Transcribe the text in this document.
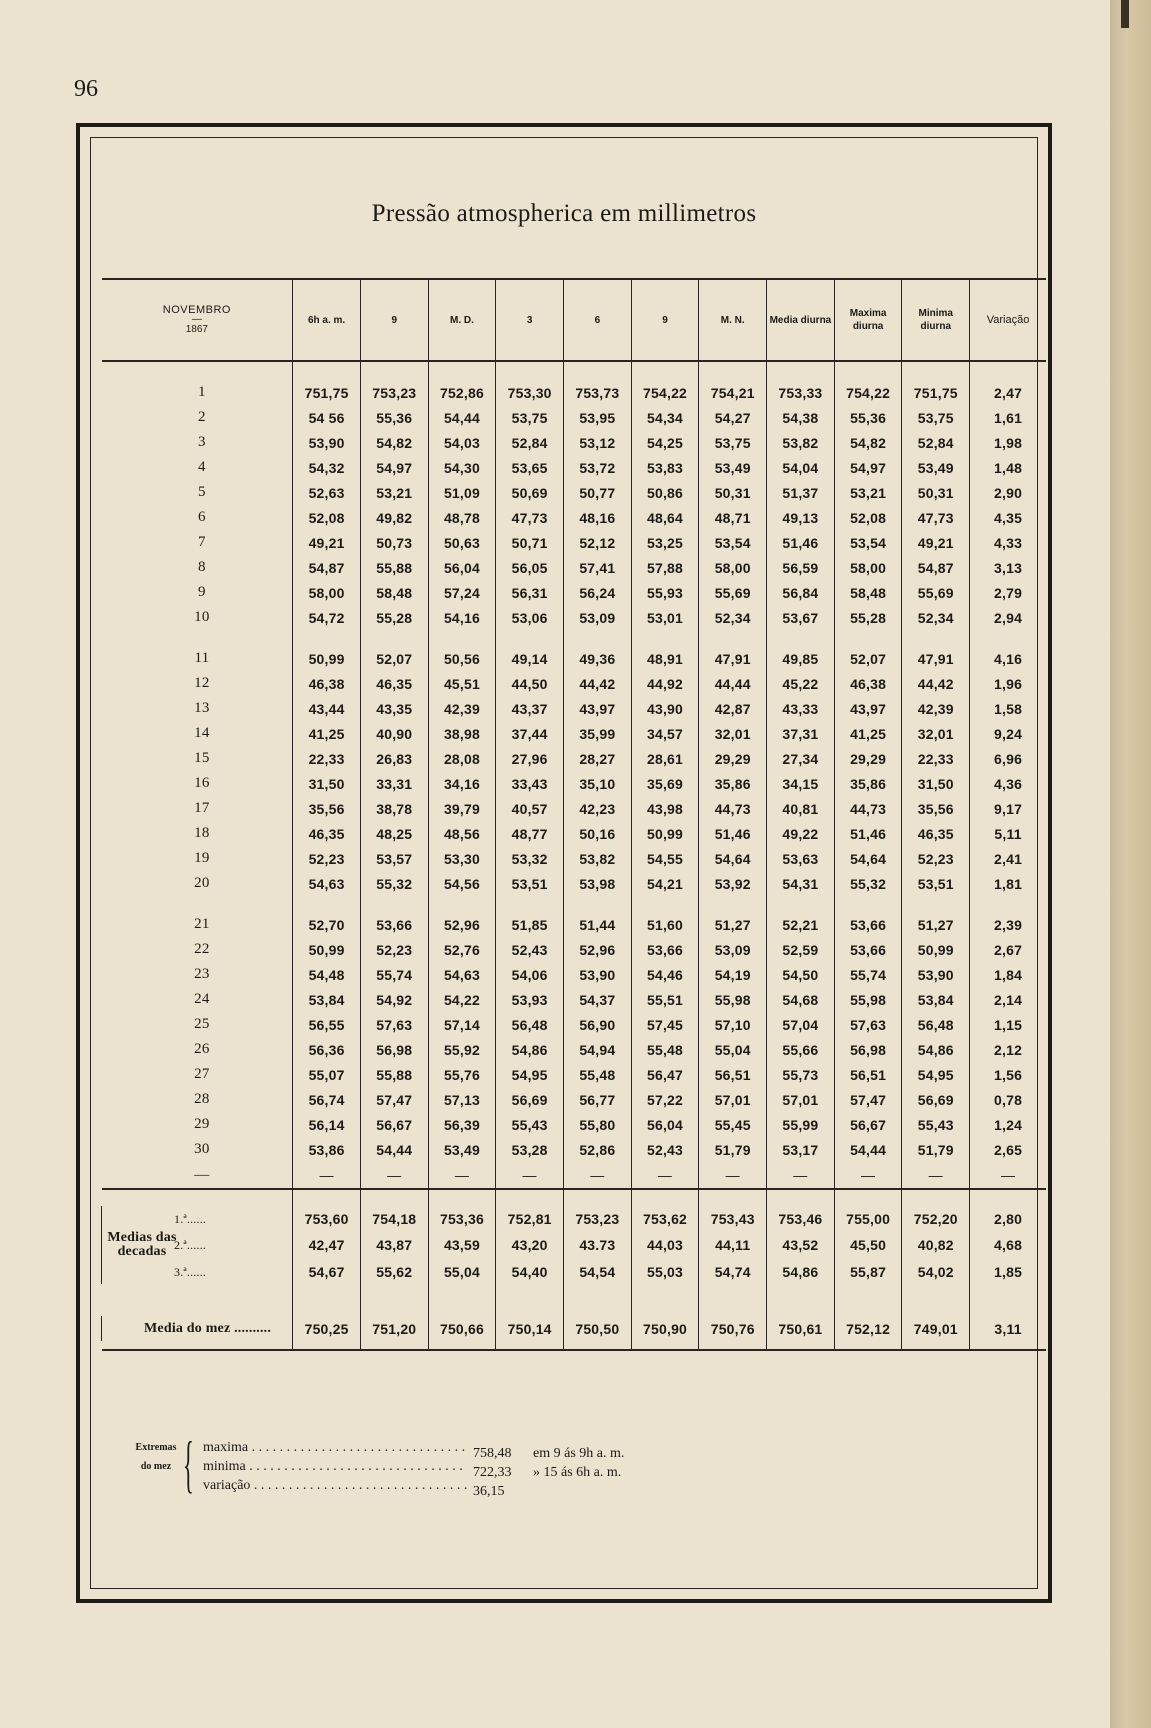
96
Pressão atmospherica em millimetros
NOVEMBRO
—
1867	6h a. m.	9	M. D.	3	6	9	M. N.	Media diurna	Maxima diurna	Minima diurna	Variação

1	751,75	753,23	752,86	753,30	753,73	754,22	754,21	753,33	754,22	751,75	2,47
2	54 56	55,36	54,44	53,75	53,95	54,34	54,27	54,38	55,36	53,75	1,61
3	53,90	54,82	54,03	52,84	53,12	54,25	53,75	53,82	54,82	52,84	1,98
4	54,32	54,97	54,30	53,65	53,72	53,83	53,49	54,04	54,97	53,49	1,48
5	52,63	53,21	51,09	50,69	50,77	50,86	50,31	51,37	53,21	50,31	2,90
6	52,08	49,82	48,78	47,73	48,16	48,64	48,71	49,13	52,08	47,73	4,35
7	49,21	50,73	50,63	50,71	52,12	53,25	53,54	51,46	53,54	49,21	4,33
8	54,87	55,88	56,04	56,05	57,41	57,88	58,00	56,59	58,00	54,87	3,13
9	58,00	58,48	57,24	56,31	56,24	55,93	55,69	56,84	58,48	55,69	2,79
10	54,72	55,28	54,16	53,06	53,09	53,01	52,34	53,67	55,28	52,34	2,94

11	50,99	52,07	50,56	49,14	49,36	48,91	47,91	49,85	52,07	47,91	4,16
12	46,38	46,35	45,51	44,50	44,42	44,92	44,44	45,22	46,38	44,42	1,96
13	43,44	43,35	42,39	43,37	43,97	43,90	42,87	43,33	43,97	42,39	1,58
14	41,25	40,90	38,98	37,44	35,99	34,57	32,01	37,31	41,25	32,01	9,24
15	22,33	26,83	28,08	27,96	28,27	28,61	29,29	27,34	29,29	22,33	6,96
16	31,50	33,31	34,16	33,43	35,10	35,69	35,86	34,15	35,86	31,50	4,36
17	35,56	38,78	39,79	40,57	42,23	43,98	44,73	40,81	44,73	35,56	9,17
18	46,35	48,25	48,56	48,77	50,16	50,99	51,46	49,22	51,46	46,35	5,11
19	52,23	53,57	53,30	53,32	53,82	54,55	54,64	53,63	54,64	52,23	2,41
20	54,63	55,32	54,56	53,51	53,98	54,21	53,92	54,31	55,32	53,51	1,81

21	52,70	53,66	52,96	51,85	51,44	51,60	51,27	52,21	53,66	51,27	2,39
22	50,99	52,23	52,76	52,43	52,96	53,66	53,09	52,59	53,66	50,99	2,67
23	54,48	55,74	54,63	54,06	53,90	54,46	54,19	54,50	55,74	53,90	1,84
24	53,84	54,92	54,22	53,93	54,37	55,51	55,98	54,68	55,98	53,84	2,14
25	56,55	57,63	57,14	56,48	56,90	57,45	57,10	57,04	57,63	56,48	1,15
26	56,36	56,98	55,92	54,86	54,94	55,48	55,04	55,66	56,98	54,86	2,12
27	55,07	55,88	55,76	54,95	55,48	56,47	56,51	55,73	56,51	54,95	1,56
28	56,74	57,47	57,13	56,69	56,77	57,22	57,01	57,01	57,47	56,69	0,78
29	56,14	56,67	56,39	55,43	55,80	56,04	55,45	55,99	56,67	55,43	1,24
30	53,86	54,44	53,49	53,28	52,86	52,43	51,79	53,17	54,44	51,79	2,65
—	—	—	—	—	—	—	—	—	—	—	—

1.ª......	753,60	754,18	753,36	752,81	753,23	753,62	753,43	753,46	755,00	752,20	2,80
Medias das decadas 2.ª......	42,47	43,87	43,59	43,20	43.73	44,03	44,11	43,52	45,50	40,82	4,68
3.ª......	54,67	55,62	55,04	54,40	54,54	55,03	54,74	54,86	55,87	54,02	1,85

Media do mez ..........	750,25	751,20	750,66	750,14	750,50	750,90	750,76	750,61	752,12	749,01	3,11

Extremas do mez { maxima . . .	758,48 em 9 ás 9h a. m.
minima . . .	722,33 » 15 ás 6h a. m.
variação . . .	36,15
